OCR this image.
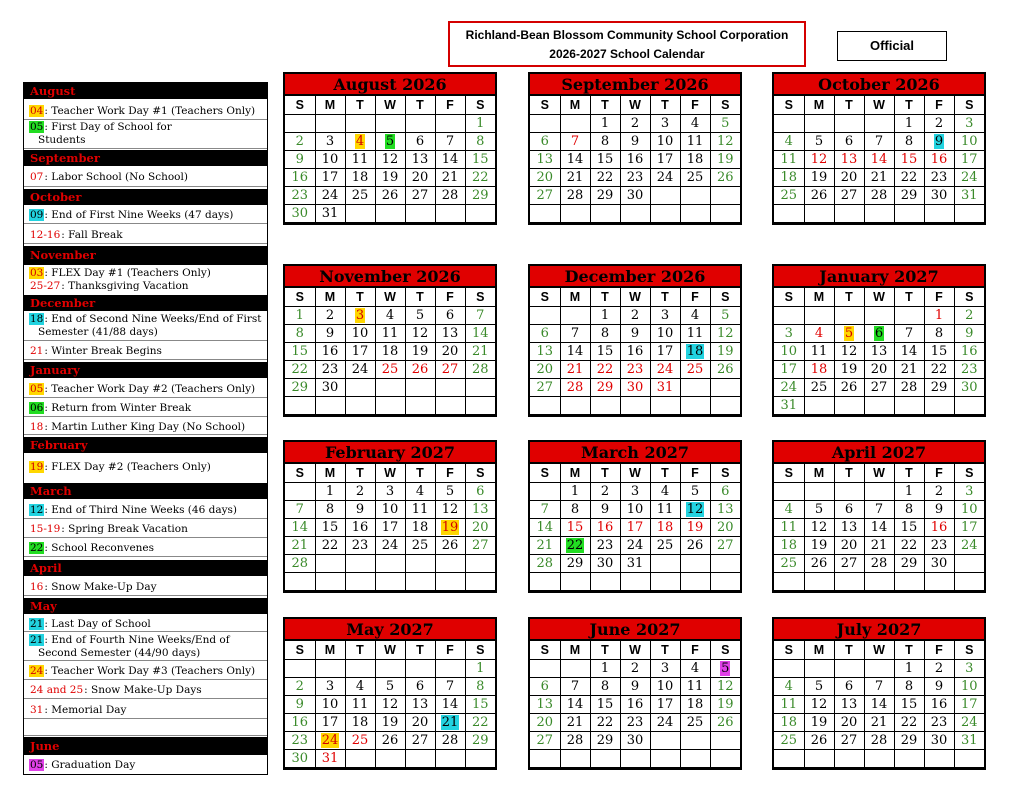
Richland-Bean Blossom Community School Corporation
2026-2027 School Calendar
Official
August
04: Teacher Work Day #1 (Teachers Only)
05: First Day of School for
Students
September
07: Labor School (No School)
October
09: End of First Nine Weeks (47 days)
12-16: Fall Break
November
03: FLEX Day #1 (Teachers Only)
25-27: Thanksgiving Vacation
December
18: End of Second Nine Weeks/End of First
Semester (41/88 days)
21: Winter Break Begins
January
05: Teacher Work Day #2 (Teachers Only)
06: Return from Winter Break
18: Martin Luther King Day (No School)
February
19: FLEX Day #2 (Teachers Only)
March
12: End of Third Nine Weeks (46 days)
15-19: Spring Break Vacation
22: School Reconvenes
April
16: Snow Make-Up Day
May
21: Last Day of School
21: End of Fourth Nine Weeks/End of
Second Semester (44/90 days)
24: Teacher Work Day #3 (Teachers Only)
24 and 25: Snow Make-Up Days
31: Memorial Day
June
05: Graduation Day
August 2026
S	M	T	W	T	F	S
						1
2	3	4	5	6	7	8
9	10	11	12	13	14	15
16	17	18	19	20	21	22
23	24	25	26	27	28	29
30	31					
September 2026
S	M	T	W	T	F	S
		1	2	3	4	5
6	7	8	9	10	11	12
13	14	15	16	17	18	19
20	21	22	23	24	25	26
27	28	29	30			

October 2026
S	M	T	W	T	F	S
				1	2	3
4	5	6	7	8	9	10
11	12	13	14	15	16	17
18	19	20	21	22	23	24
25	26	27	28	29	30	31

November 2026
S	M	T	W	T	F	S
1	2	3	4	5	6	7
8	9	10	11	12	13	14
15	16	17	18	19	20	21
22	23	24	25	26	27	28
29	30					

December 2026
S	M	T	W	T	F	S
		1	2	3	4	5
6	7	8	9	10	11	12
13	14	15	16	17	18	19
20	21	22	23	24	25	26
27	28	29	30	31		

January 2027
S	M	T	W	T	F	S
					1	2
3	4	5	6	7	8	9
10	11	12	13	14	15	16
17	18	19	20	21	22	23
24	25	26	27	28	29	30
31						
February 2027
S	M	T	W	T	F	S
	1	2	3	4	5	6
7	8	9	10	11	12	13
14	15	16	17	18	19	20
21	22	23	24	25	26	27
28						

March 2027
S	M	T	W	T	F	S
	1	2	3	4	5	6
7	8	9	10	11	12	13
14	15	16	17	18	19	20
21	22	23	24	25	26	27
28	29	30	31			

April 2027
S	M	T	W	T	F	S
				1	2	3
4	5	6	7	8	9	10
11	12	13	14	15	16	17
18	19	20	21	22	23	24
25	26	27	28	29	30	

May 2027
S	M	T	W	T	F	S
						1
2	3	4	5	6	7	8
9	10	11	12	13	14	15
16	17	18	19	20	21	22
23	24	25	26	27	28	29
30	31					
June 2027
S	M	T	W	T	F	S
		1	2	3	4	5
6	7	8	9	10	11	12
13	14	15	16	17	18	19
20	21	22	23	24	25	26
27	28	29	30			

July 2027
S	M	T	W	T	F	S
				1	2	3
4	5	6	7	8	9	10
11	12	13	14	15	16	17
18	19	20	21	22	23	24
25	26	27	28	29	30	31
